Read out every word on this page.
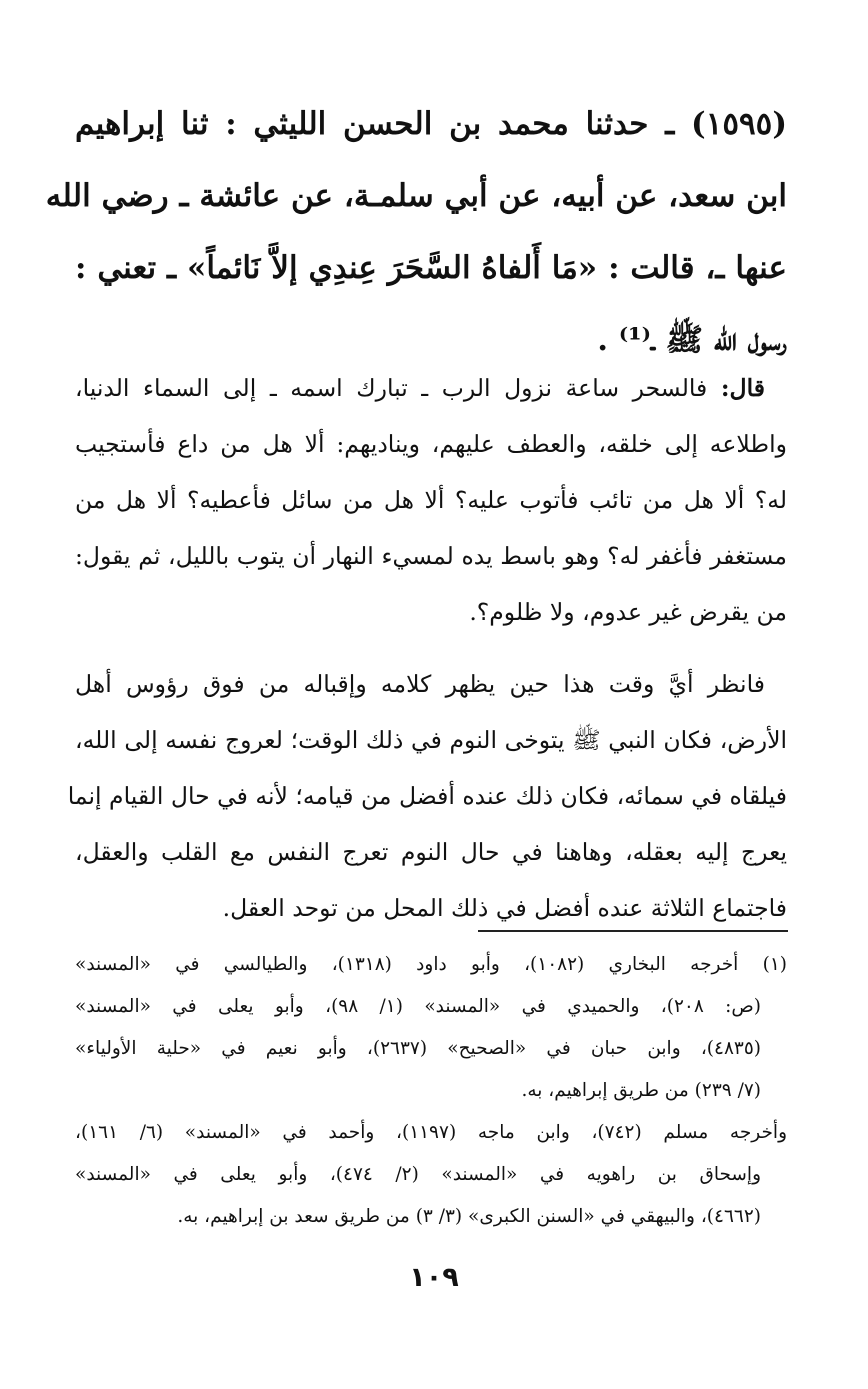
(١٥٩٥) ـ حدثنا محمد بن الحسن الليثي : ثنا إبراهيم
ابن سعد، عن أبيه، عن أبي سلمـة، عن عائشة ـ رضي الله
عنها ـ، قالت : «مَا أَلفاهُ السَّحَرَ عِندِي إلاَّ نَائماً» ـ تعني :
رسول الله ﷺ ـ⁽¹⁾ .
قال: فالسحر ساعة نزول الرب ـ تبارك اسمه ـ إلى السماء الدنيا،
واطلاعه إلى خلقه، والعطف عليهم، ويناديهم: ألا هل من داع فأستجيب
له؟ ألا هل من تائب فأتوب عليه؟ ألا هل من سائل فأعطيه؟ ألا هل من
مستغفر فأغفر له؟ وهو باسط يده لمسيء النهار أن يتوب بالليل، ثم يقول:
من يقرض غير عدوم، ولا ظلوم؟.
فانظر أيَّ وقت هذا حين يظهر كلامه وإقباله من فوق رؤوس أهل
الأرض، فكان النبي ﷺ يتوخى النوم في ذلك الوقت؛ لعروج نفسه إلى الله،
فيلقاه في سمائه، فكان ذلك عنده أفضل من قيامه؛ لأنه في حال القيام إنما
يعرج إليه بعقله، وهاهنا في حال النوم تعرج النفس مع القلب والعقل،
فاجتماع الثلاثة عنده أفضل في ذلك المحل من توحد العقل.
(١) أخرجه البخاري (١٠٨٢)، وأبو داود (١٣١٨)، والطيالسي في «المسند»
(ص: ٢٠٨)، والحميدي في «المسند» (١/ ٩٨)، وأبو يعلى في «المسند»
(٤٨٣٥)، وابن حبان في «الصحيح» (٢٦٣٧)، وأبو نعيم في «حلية الأولياء»
(٧/ ٢٣٩) من طريق إبراهيم، به.
وأخرجه مسلم (٧٤٢)، وابن ماجه (١١٩٧)، وأحمد في «المسند» (٦/ ١٦١)،
وإسحاق بن راهويه في «المسند» (٢/ ٤٧٤)، وأبو يعلى في «المسند»
(٤٦٦٢)، والبيهقي في «السنن الكبرى» (٣/ ٣) من طريق سعد بن إبراهيم، به.
١٠٩
